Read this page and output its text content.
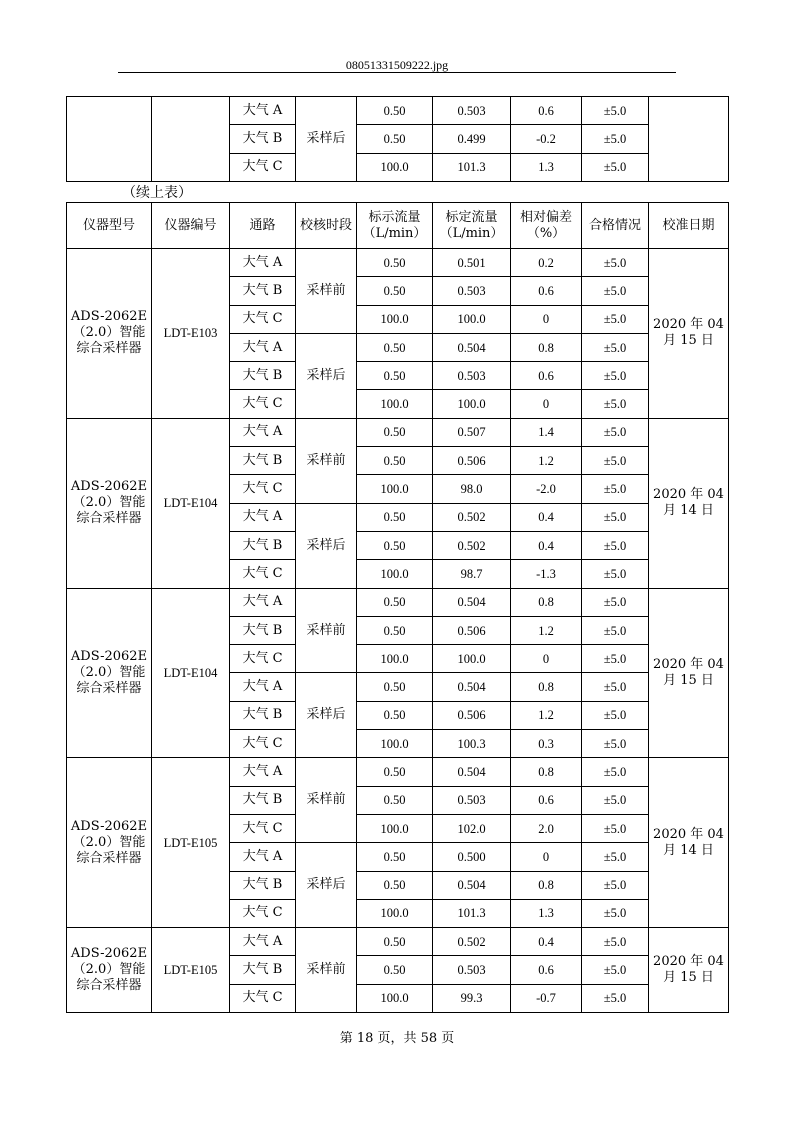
08051331509222.jpg
		大气 A	采样后	0.50	0.503	0.6	±5.0	
		大气 B		0.50	0.499	-0.2	±5.0	
		大气 C		100.0	101.3	1.3	±5.0	
（续上表）
仪器型号	仪器编号	通路	校核时段	标示流量（L/min）	标定流量（L/min）	相对偏差（%）	合格情况	校准日期
ADS-2062E（2.0）智能综合采样器	LDT-E103	大气 A	采样前	0.50	0.501	0.2	±5.0	2020 年 04 月 15 日
		大气 B		0.50	0.503	0.6	±5.0	
		大气 C		100.0	100.0	0	±5.0	
		大气 A	采样后	0.50	0.504	0.8	±5.0	
		大气 B		0.50	0.503	0.6	±5.0	
		大气 C		100.0	100.0	0	±5.0	
ADS-2062E（2.0）智能综合采样器	LDT-E104	大气 A	采样前	0.50	0.507	1.4	±5.0	2020 年 04 月 14 日
		大气 B		0.50	0.506	1.2	±5.0	
		大气 C		100.0	98.0	-2.0	±5.0	
		大气 A	采样后	0.50	0.502	0.4	±5.0	
		大气 B		0.50	0.502	0.4	±5.0	
		大气 C		100.0	98.7	-1.3	±5.0	
ADS-2062E（2.0）智能综合采样器	LDT-E104	大气 A	采样前	0.50	0.504	0.8	±5.0	2020 年 04 月 15 日
		大气 B		0.50	0.506	1.2	±5.0	
		大气 C		100.0	100.0	0	±5.0	
		大气 A	采样后	0.50	0.504	0.8	±5.0	
		大气 B		0.50	0.506	1.2	±5.0	
		大气 C		100.0	100.3	0.3	±5.0	
ADS-2062E（2.0）智能综合采样器	LDT-E105	大气 A	采样前	0.50	0.504	0.8	±5.0	2020 年 04 月 14 日
		大气 B		0.50	0.503	0.6	±5.0	
		大气 C		100.0	102.0	2.0	±5.0	
		大气 A	采样后	0.50	0.500	0	±5.0	
		大气 B		0.50	0.504	0.8	±5.0	
		大气 C		100.0	101.3	1.3	±5.0	
ADS-2062E（2.0）智能综合采样器	LDT-E105	大气 A	采样前	0.50	0.502	0.4	±5.0	2020 年 04 月 15 日
		大气 B		0.50	0.503	0.6	±5.0	
		大气 C		100.0	99.3	-0.7	±5.0	
第 18 页，共 58 页
